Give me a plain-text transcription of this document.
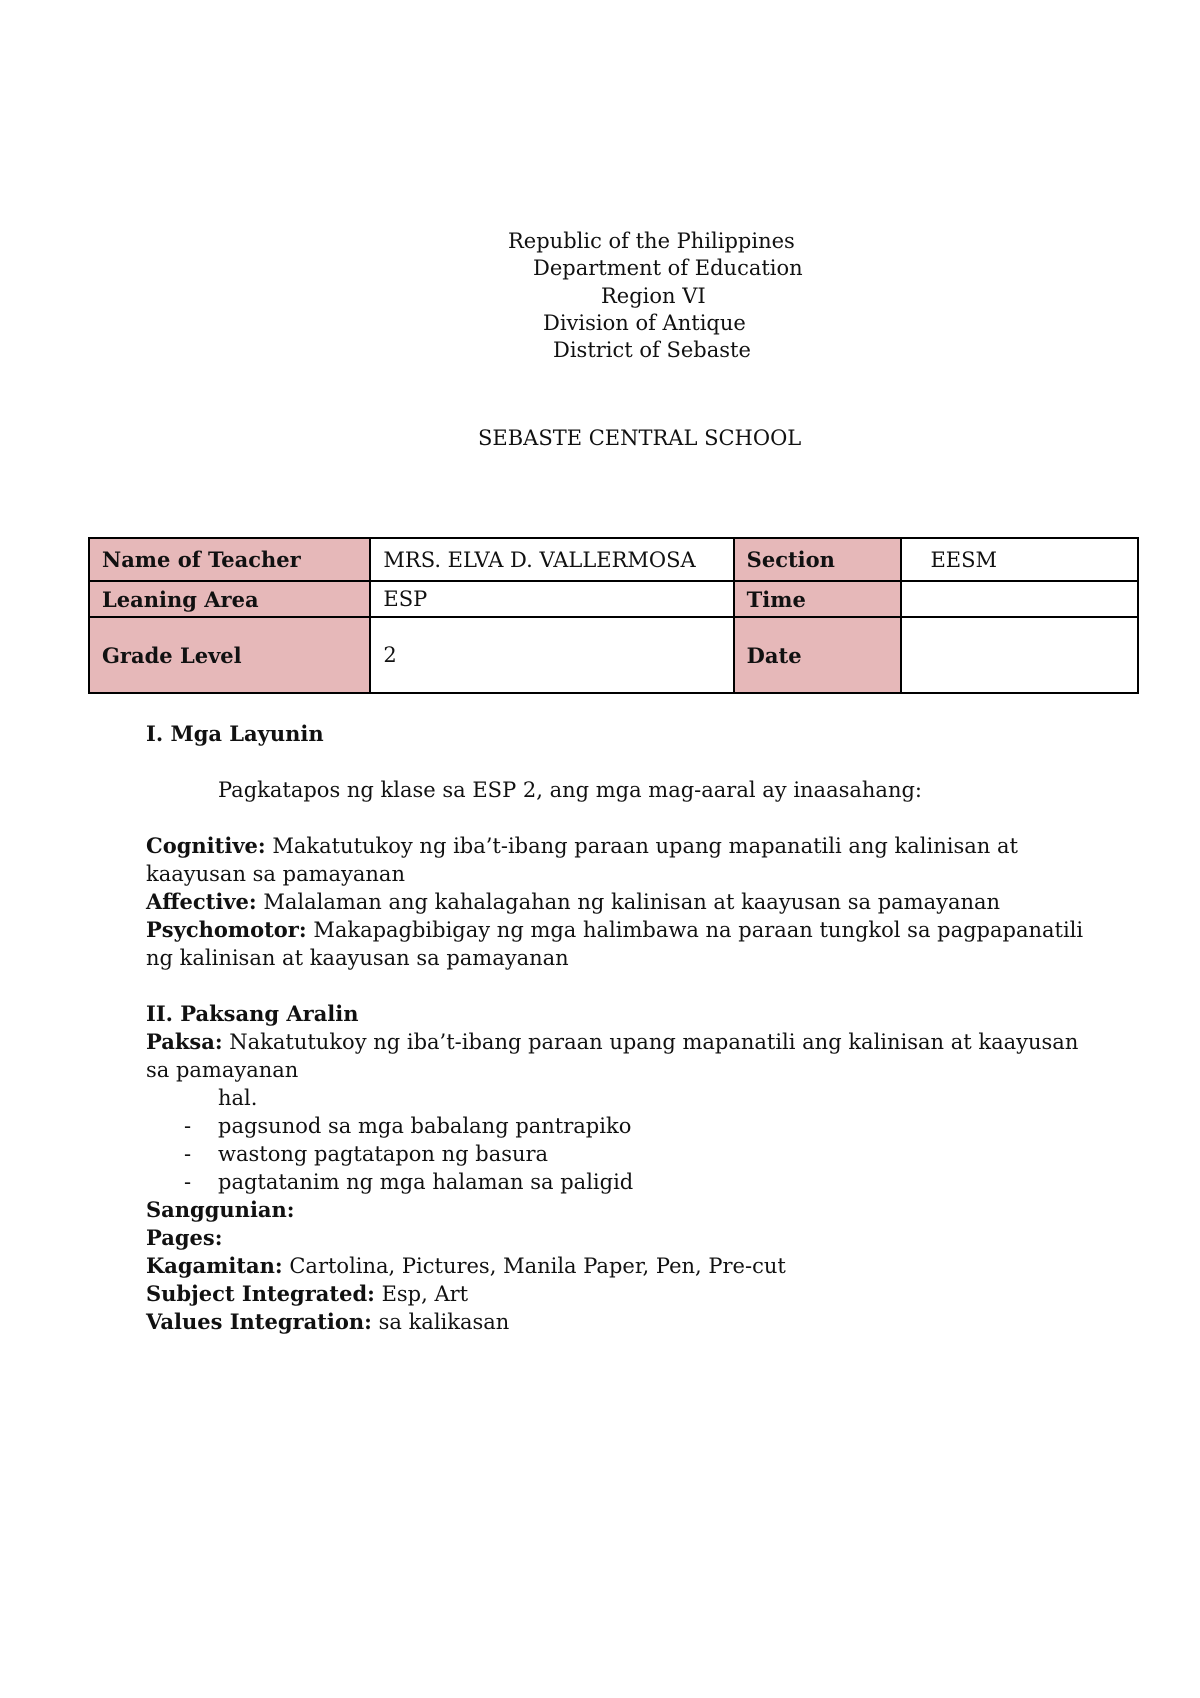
Republic of the Philippines
Department of Education
Region VI
Division of Antique
District of Sebaste
SEBASTE CENTRAL SCHOOL
Name of Teacher	MRS. ELVA D. VALLERMOSA	Section	EESM
Leaning Area	ESP	Time	
Grade Level	2	Date	

I. Mga Layunin

Pagkatapos ng klase sa ESP 2, ang mga mag-aaral ay inaasahang:

Cognitive: Makatutukoy ng iba’t-ibang paraan upang mapanatili ang kalinisan at kaayusan sa pamayanan

Affective: Malalaman ang kahalagahan ng kalinisan at kaayusan sa pamayanan

Psychomotor: Makapagbibigay ng mga halimbawa na paraan tungkol sa pagpapanatili ng kalinisan at kaayusan sa pamayanan

II. Paksang Aralin

Paksa: Nakatutukoy ng iba’t-ibang paraan upang mapanatili ang kalinisan at kaayusan sa pamayanan

hal.

- pagsunod sa mga babalang pantrapiko

- wastong pagtatapon ng basura

- pagtatanim ng mga halaman sa paligid

Sanggunian:

Pages:

Kagamitan: Cartolina, Pictures, Manila Paper, Pen, Pre-cut

Subject Integrated: Esp, Art

Values Integration: sa kalikasan
